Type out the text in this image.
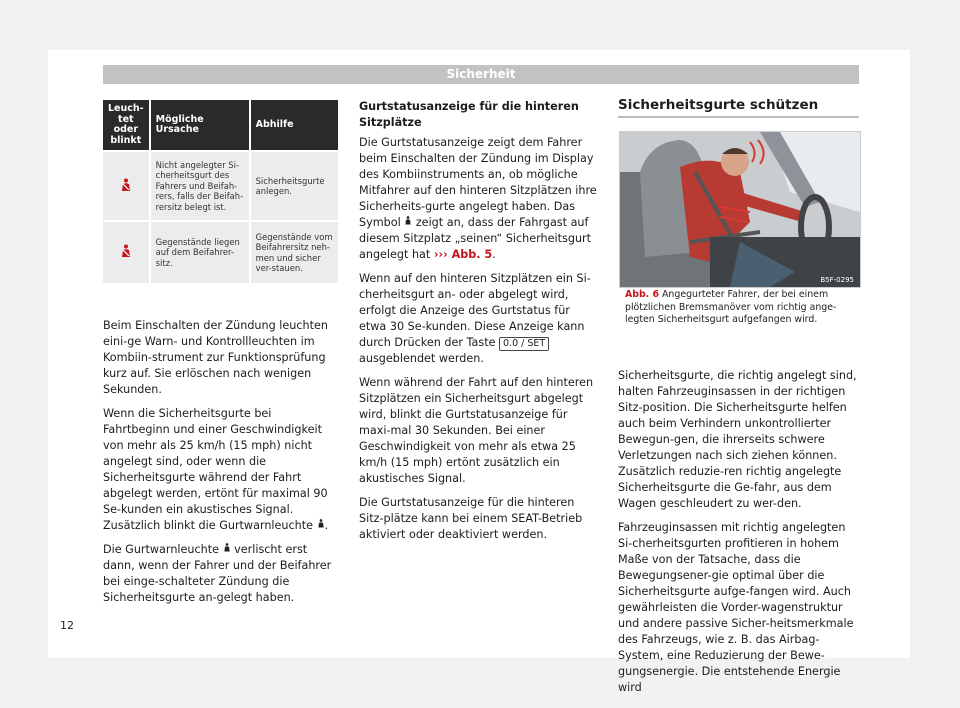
Sicherheit
Leuch-tet oder blinkt	Mögliche Ursache	Abhilfe
	Nicht angelegter Si-cherheitsgurt des Fahrers und Beifah-rers, falls der Beifah-rersitz belegt ist.	Sicherheitsgurte anlegen.
	Gegenstände liegen auf dem Beifahrer-sitz.	Gegenstände vom Beifahrersitz neh-men und sicher ver-stauen.

Beim Einschalten der Zündung leuchten eini-ge Warn- und Kontrollleuchten im Kombiin-strument zur Funktionsprüfung kurz auf. Sie erlöschen nach wenigen Sekunden.

Wenn die Sicherheitsgurte bei Fahrtbeginn und einer Geschwindigkeit von mehr als 25 km/h (15 mph) nicht angelegt sind, oder wenn die Sicherheitsgurte während der Fahrt abgelegt werden, ertönt für maximal 90 Se-kunden ein akustisches Signal. Zusätzlich blinkt die Gurtwarnleuchte .

Die Gurtwarnleuchte verlischt erst dann, wenn der Fahrer und der Beifahrer bei einge-schalteter Zündung die Sicherheitsgurte an-gelegt haben.

Gurtstatusanzeige für die hinteren Sitzplätze

Die Gurtstatusanzeige zeigt dem Fahrer beim Einschalten der Zündung im Display des Kombiinstruments an, ob mögliche Mitfahrer auf den hinteren Sitzplätzen ihre Sicherheits-gurte angelegt haben. Das Symbol zeigt an, dass der Fahrgast auf diesem Sitzplatz „seinen“ Sicherheitsgurt angelegt hat ››› Abb. 5.

Wenn auf den hinteren Sitzplätzen ein Si-cherheitsgurt an- oder abgelegt wird, erfolgt die Anzeige des Gurtstatus für etwa 30 Se-kunden. Diese Anzeige kann durch Drücken der Taste 0.0 / SET ausgeblendet werden.

Wenn während der Fahrt auf den hinteren Sitzplätzen ein Sicherheitsgurt abgelegt wird, blinkt die Gurtstatusanzeige für maxi-mal 30 Sekunden. Bei einer Geschwindigkeit von mehr als etwa 25 km/h (15 mph) ertönt zusätzlich ein akustisches Signal.

Die Gurtstatusanzeige für die hinteren Sitz-plätze kann bei einem SEAT-Betrieb aktiviert oder deaktiviert werden.

Sicherheitsgurte schützen
B5F-0295
Abb. 6 Angegurteter Fahrer, der bei einem plötzlichen Bremsmanöver vom richtig ange-legten Sicherheitsgurt aufgefangen wird.

Sicherheitsgurte, die richtig angelegt sind, halten Fahrzeuginsassen in der richtigen Sitz-position. Die Sicherheitsgurte helfen auch beim Verhindern unkontrollierter Bewegun-gen, die ihrerseits schwere Verletzungen nach sich ziehen können. Zusätzlich reduzie-ren richtig angelegte Sicherheitsgurte die Ge-fahr, aus dem Wagen geschleudert zu wer-den.

Fahrzeuginsassen mit richtig angelegten Si-cherheitsgurten profitieren in hohem Maße von der Tatsache, dass die Bewegungsener-gie optimal über die Sicherheitsgurte aufge-fangen wird. Auch gewährleisten die Vorder-wagenstruktur und andere passive Sicher-heitsmerkmale des Fahrzeugs, wie z. B. das Airbag-System, eine Reduzierung der Bewe-gungsenergie. Die entstehende Energie wird

12
